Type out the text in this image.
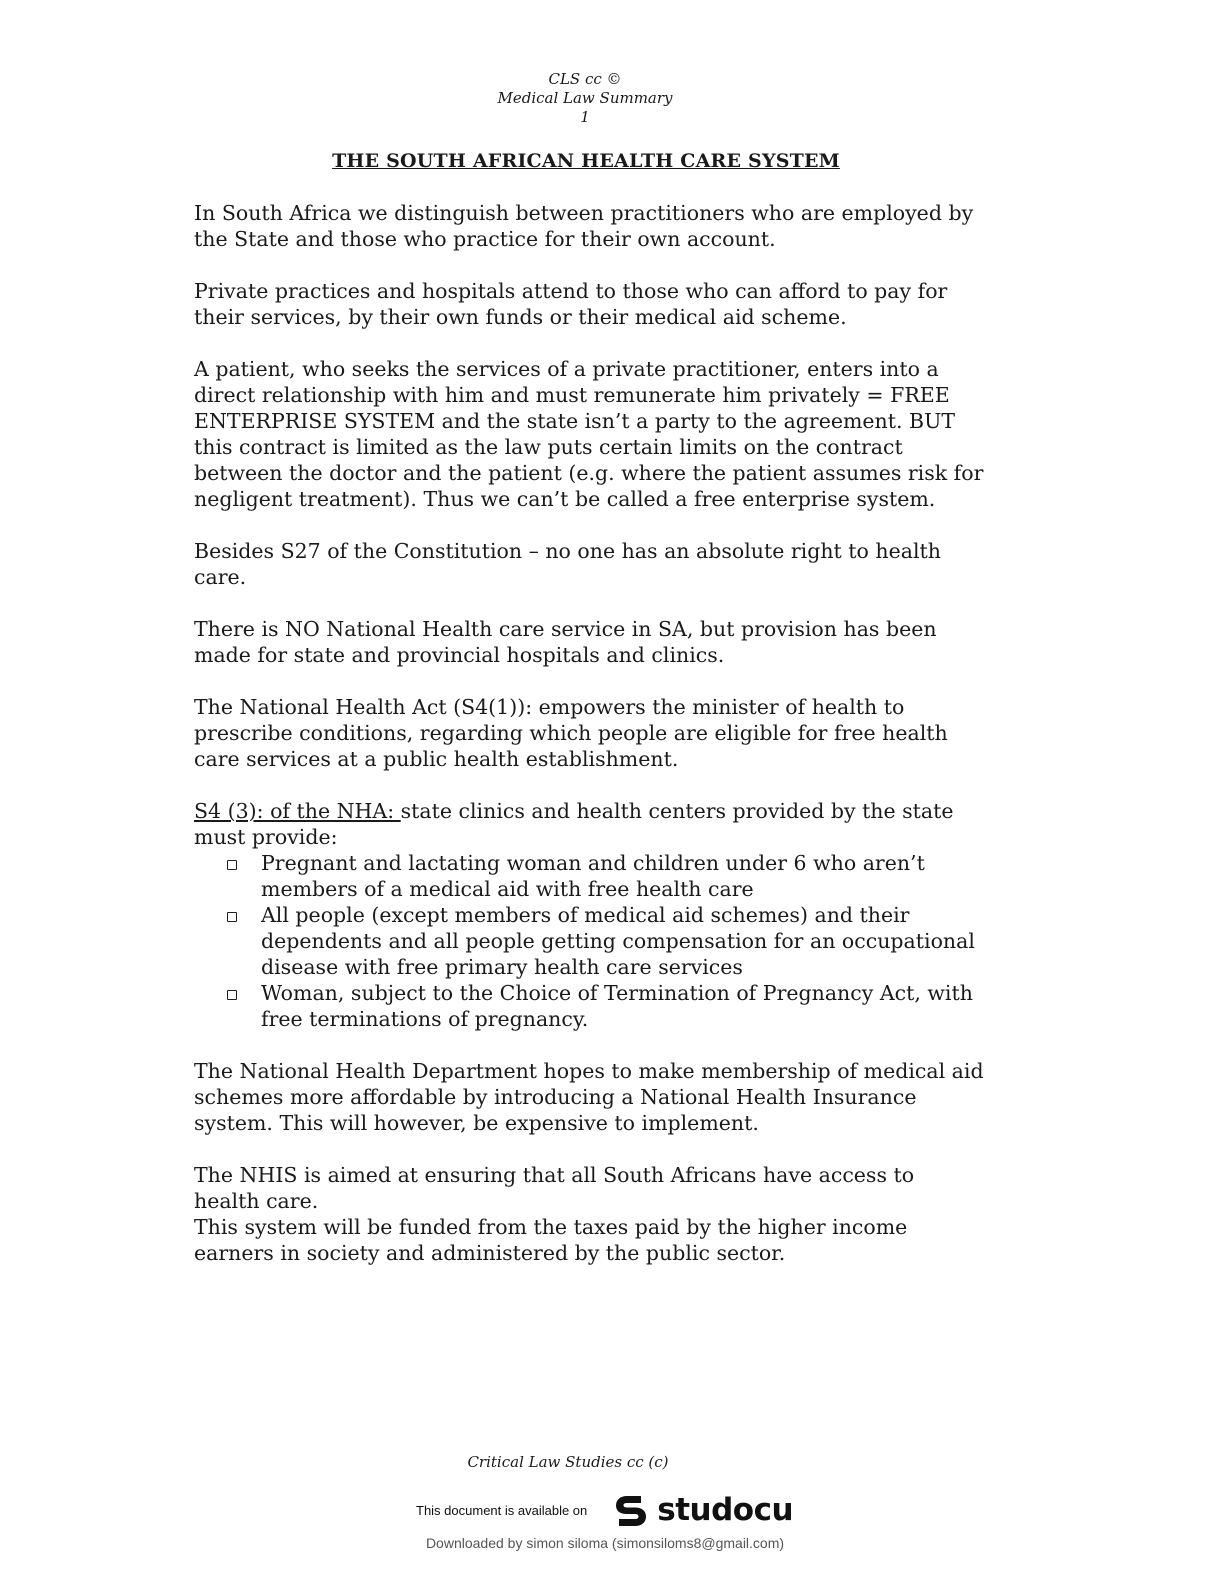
CLS cc ©
Medical Law Summary
1
THE SOUTH AFRICAN HEALTH CARE SYSTEM

In South Africa we distinguish between practitioners who are employed by the State and those who practice for their own account.

Private practices and hospitals attend to those who can afford to pay for their services, by their own funds or their medical aid scheme.

A patient, who seeks the services of a private practitioner, enters into a direct relationship with him and must remunerate him privately = FREE ENTERPRISE SYSTEM and the state isn’t a party to the agreement. BUT this contract is limited as the law puts certain limits on the contract between the doctor and the patient (e.g. where the patient assumes risk for negligent treatment). Thus we can’t be called a free enterprise system.

Besides S27 of the Constitution – no one has an absolute right to health care.

There is NO National Health care service in SA, but provision has been made for state and provincial hospitals and clinics.

The National Health Act (S4(1)): empowers the minister of health to prescribe conditions, regarding which people are eligible for free health care services at a public health establishment.

S4 (3): of the NHA: state clinics and health centers provided by the state must provide:

Pregnant and lactating woman and children under 6 who aren’t members of a medical aid with free health care
All people (except members of medical aid schemes) and their dependents and all people getting compensation for an occupational disease with free primary health care services
Woman, subject to the Choice of Termination of Pregnancy Act, with free terminations of pregnancy.

The National Health Department hopes to make membership of medical aid schemes more affordable by introducing a National Health Insurance system. This will however, be expensive to implement.

The NHIS is aimed at ensuring that all South Africans have access to health care.

This system will be funded from the taxes paid by the higher income earners in society and administered by the public sector.

Critical Law Studies cc (c)
This document is available on studocu
Downloaded by simon siloma (simonsiloms8@gmail.com)
